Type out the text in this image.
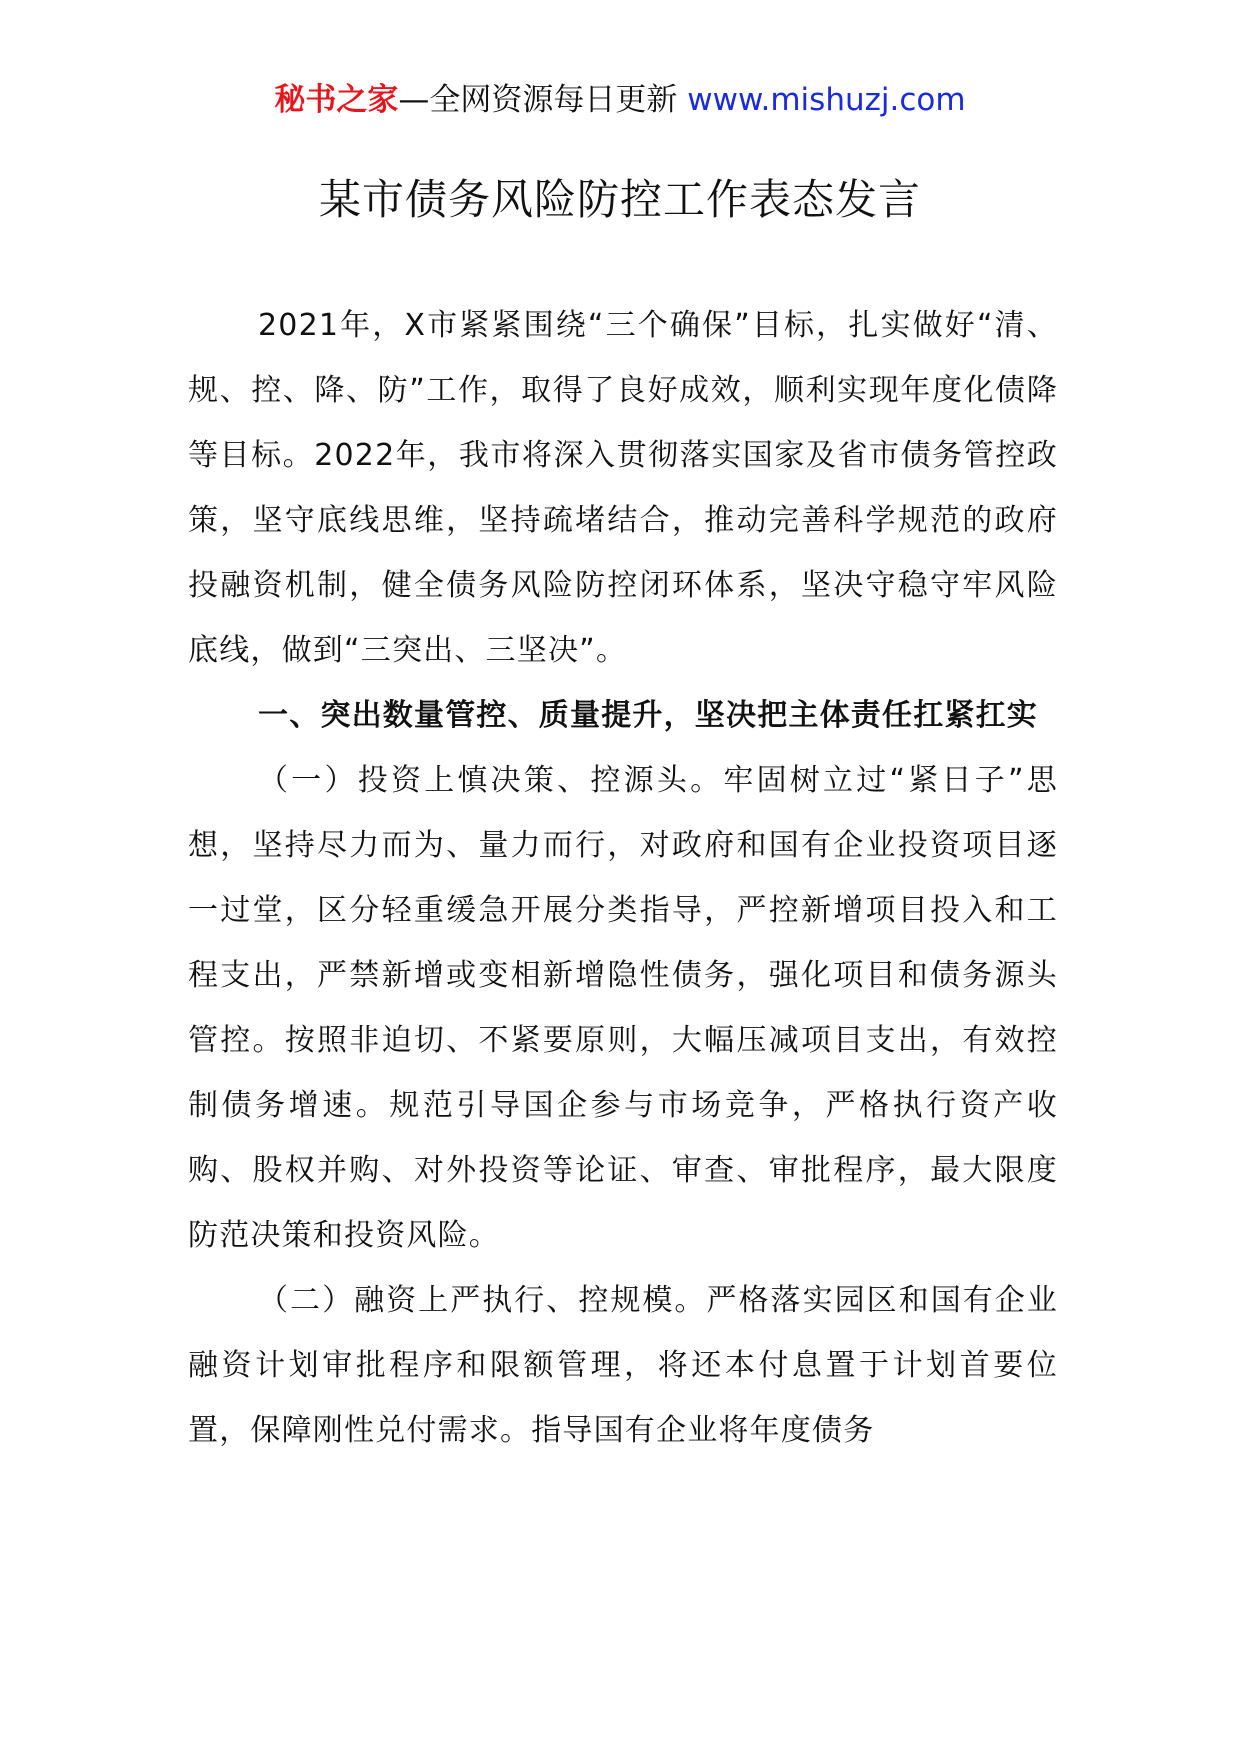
秘书之家—全网资源每日更新 www.mishuzj.com
某市债务风险防控工作表态发言

2021年，X市紧紧围绕“三个确保”目标，扎实做好“清、规、控、降、防”工作，取得了良好成效，顺利实现年度化债降等目标。2022年，我市将深入贯彻落实国家及省市债务管控政策，坚守底线思维，坚持疏堵结合，推动完善科学规范的政府投融资机制，健全债务风险防控闭环体系，坚决守稳守牢风险底线，做到“三突出、三坚决”。

一、突出数量管控、质量提升，坚决把主体责任扛紧扛实

（一）投资上慎决策、控源头。牢固树立过“紧日子”思想，坚持尽力而为、量力而行，对政府和国有企业投资项目逐一过堂，区分轻重缓急开展分类指导，严控新增项目投入和工程支出，严禁新增或变相新增隐性债务，强化项目和债务源头管控。按照非迫切、不紧要原则，大幅压减项目支出，有效控制债务增速。规范引导国企参与市场竞争，严格执行资产收购、股权并购、对外投资等论证、审查、审批程序，最大限度防范决策和投资风险。

（二）融资上严执行、控规模。严格落实园区和国有企业融资计划审批程序和限额管理，将还本付息置于计划首要位置，保障刚性兑付需求。指导国有企业将年度债务
